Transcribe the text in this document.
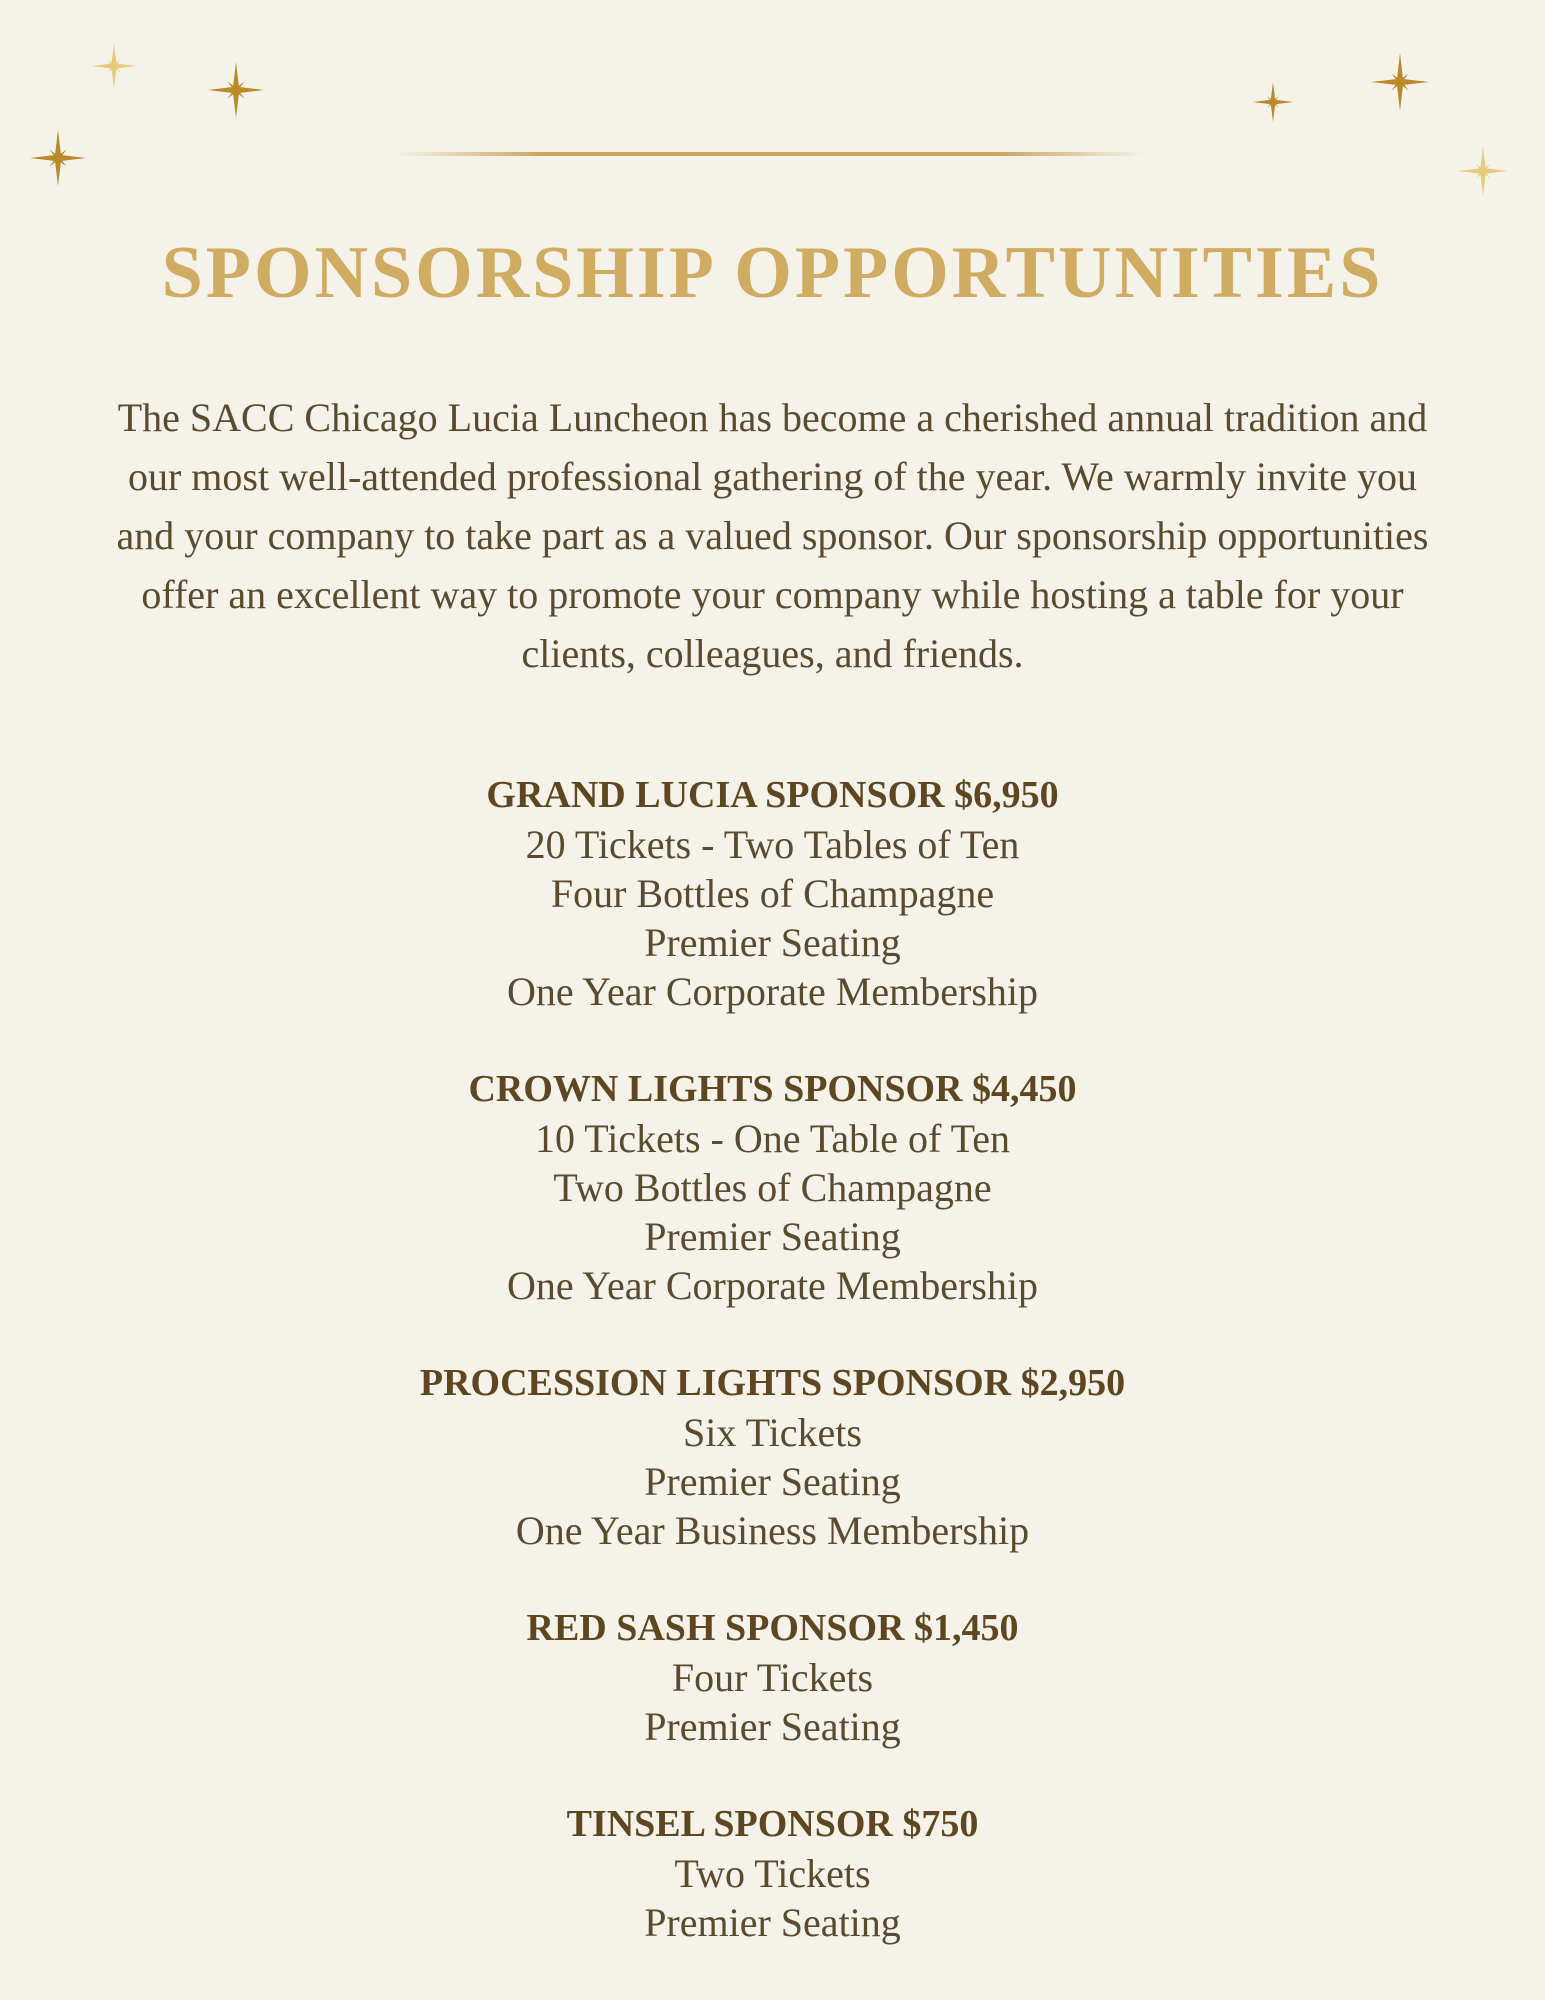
SPONSORSHIP OPPORTUNITIES

The SACC Chicago Lucia Luncheon has become a cherished annual tradition and our most well-attended professional gathering of the year. We warmly invite you and your company to take part as a valued sponsor. Our sponsorship opportunities offer an excellent way to promote your company while hosting a table for your clients, colleagues, and friends.

GRAND LUCIA SPONSOR $6,950

20 Tickets - Two Tables of Ten

Four Bottles of Champagne

Premier Seating

One Year Corporate Membership

CROWN LIGHTS SPONSOR $4,450

10 Tickets - One Table of Ten

Two Bottles of Champagne

Premier Seating

One Year Corporate Membership

PROCESSION LIGHTS SPONSOR $2,950

Six Tickets

Premier Seating

One Year Business Membership

RED SASH SPONSOR $1,450

Four Tickets

Premier Seating

TINSEL SPONSOR $750

Two Tickets

Premier Seating
